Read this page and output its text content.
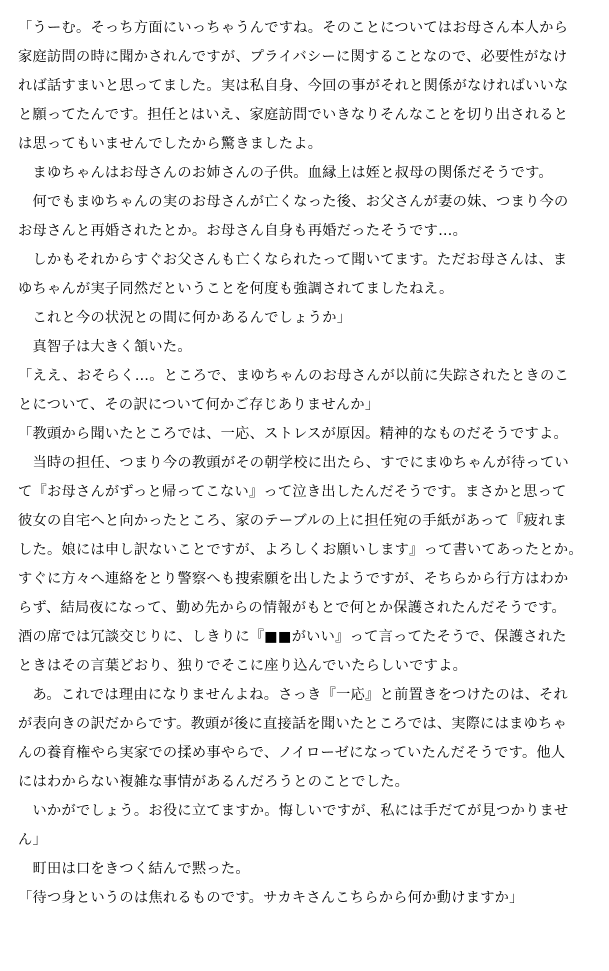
「うーむ。そっち方面にいっちゃうんですね。そのことについてはお母さん本人から
家庭訪問の時に聞かされんですが、プライバシーに関することなので、必要性がなけ
れば話すまいと思ってました。実は私自身、今回の事がそれと関係がなければいいな
と願ってたんです。担任とはいえ、家庭訪問でいきなりそんなことを切り出されると
は思ってもいませんでしたから驚きましたよ。
　まゆちゃんはお母さんのお姉さんの子供。血縁上は姪と叔母の関係だそうです。
　何でもまゆちゃんの実のお母さんが亡くなった後、お父さんが妻の妹、つまり今の
お母さんと再婚されたとか。お母さん自身も再婚だったそうです…。
　しかもそれからすぐお父さんも亡くなられたって聞いてます。ただお母さんは、ま
ゆちゃんが実子同然だということを何度も強調されてましたねえ。
　これと今の状況との間に何かあるんでしょうか」
　真智子は大きく頷いた。
「ええ、おそらく…。ところで、まゆちゃんのお母さんが以前に失踪されたときのこ
とについて、その訳について何かご存じありませんか」
「教頭から聞いたところでは、一応、ストレスが原因。精神的なものだそうですよ。
　当時の担任、つまり今の教頭がその朝学校に出たら、すでにまゆちゃんが待ってい
て『お母さんがずっと帰ってこない』って泣き出したんだそうです。まさかと思って
彼女の自宅へと向かったところ、家のテーブルの上に担任宛の手紙があって『疲れま
した。娘には申し訳ないことですが、よろしくお願いします』って書いてあったとか。
すぐに方々へ連絡をとり警察へも捜索願を出したようですが、そちらから行方はわか
らず、結局夜になって、勤め先からの情報がもとで何とか保護されたんだそうです。
酒の席では冗談交じりに、しきりに『■■がいい』って言ってたそうで、保護された
ときはその言葉どおり、独りでそこに座り込んでいたらしいですよ。
　あ。これでは理由になりませんよね。さっき『一応』と前置きをつけたのは、それ
が表向きの訳だからです。教頭が後に直接話を聞いたところでは、実際にはまゆちゃ
んの養育権やら実家での揉め事やらで、ノイローゼになっていたんだそうです。他人
にはわからない複雑な事情があるんだろうとのことでした。
　いかがでしょう。お役に立てますか。悔しいですが、私には手だてが見つかりませ
ん」
　町田は口をきつく結んで黙った。
「待つ身というのは
焦れるものです。サカキさんこちらから何か動けますか」
